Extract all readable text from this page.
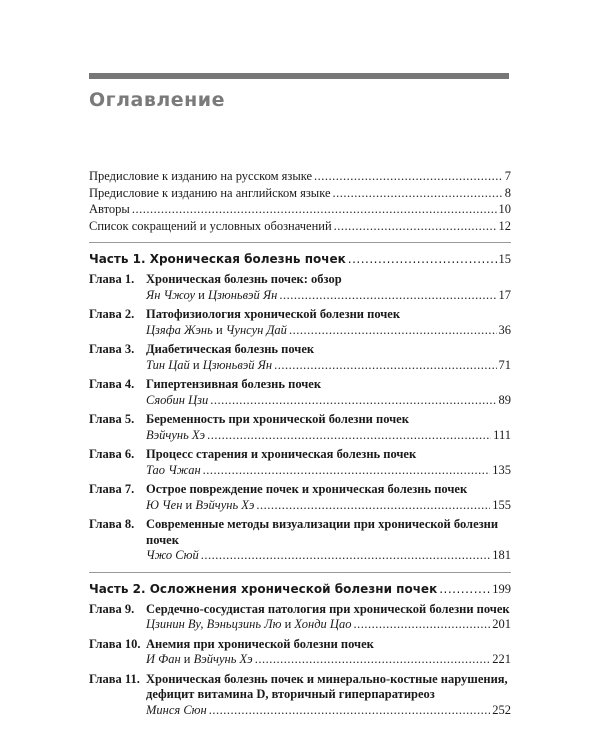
Оглавление
Предисловие к изданию на русском языке .....	7
Предисловие к изданию на английском языке .....	8
Авторы .....	10
Список сокращений и условных обозначений .....	12
Часть 1. Хроническая болезнь почек .....	15
Глава 1. Хроническая болезнь почек: обзор
Ян Чжоу и Цзюньвэй Ян .....	17
Глава 2. Патофизиология хронической болезни почек
Цзяфа Жэнь и Чунсун Дай .....	36
Глава 3. Диабетическая болезнь почек
Тин Цай и Цзюньвэй Ян .....	71
Глава 4. Гипертензивная болезнь почек
Сяобин Цзи .....	89
Глава 5. Беременность при хронической болезни почек
Вэйчунь Хэ .....	111
Глава 6. Процесс старения и хроническая болезнь почек
Тао Чжан .....	135
Глава 7. Острое повреждение почек и хроническая болезнь почек
Ю Чен и Вэйчунь Хэ .....	155
Глава 8. Современные методы визуализации при хронической болезни почек
Чжо Сюй .....	181
Часть 2. Осложнения хронической болезни почек .....	199
Глава 9. Сердечно-сосудистая патология при хронической болезни почек
Цзинин Ву, Вэньцзинь Лю и Хонди Цао .....	201
Глава 10. Анемия при хронической болезни почек
И Фан и Вэйчунь Хэ .....	221
Глава 11. Хроническая болезнь почек и минерально-костные нарушения, дефицит витамина D, вторичный гиперпаратиреоз
Минся Сюн .....	252
